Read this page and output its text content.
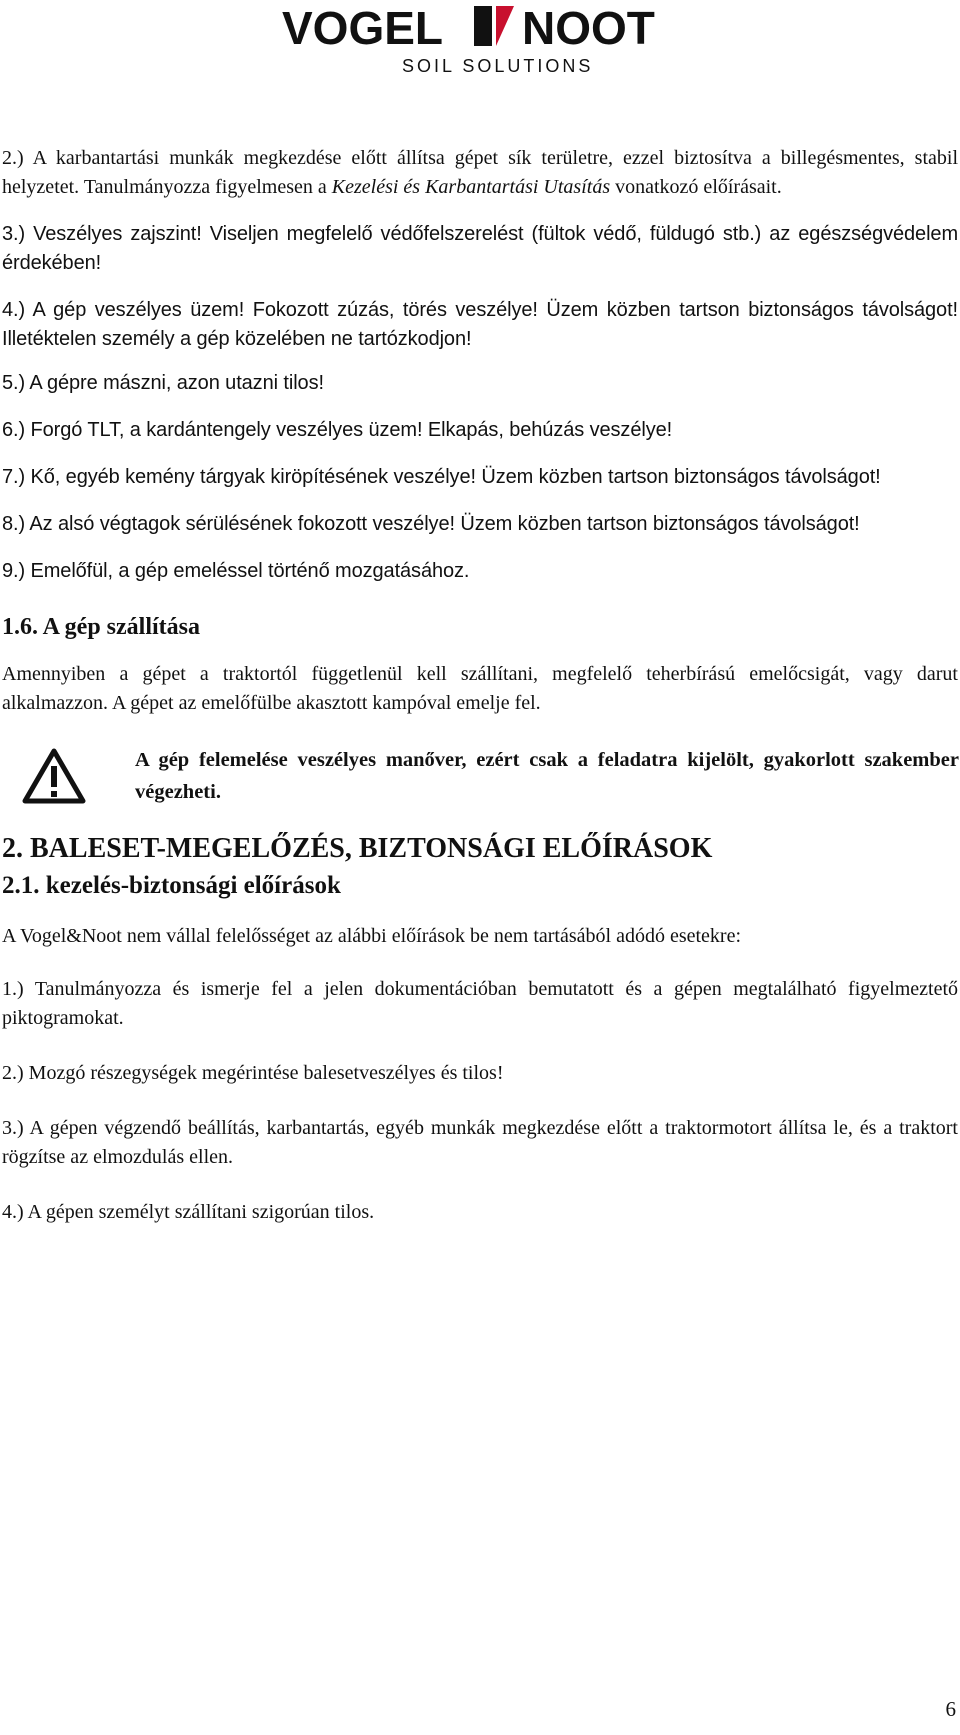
VOGEL NOOT
SOIL SOLUTIONS

2.) A karbantartási munkák megkezdése előtt állítsa gépet sík területre, ezzel biztosítva a billegésmentes, stabil helyzetet. Tanulmányozza figyelmesen a Kezelési és Karbantartási Utasítás vonatkozó előírásait.

3.) Veszélyes zajszint! Viseljen megfelelő védőfelszerelést (fültok védő, füldugó stb.) az egészségvédelem érdekében!

4.) A gép veszélyes üzem! Fokozott zúzás, törés veszélye! Üzem közben tartson biztonságos távolságot! Illetéktelen személy a gép közelében ne tartózkodjon!

5.) A gépre mászni, azon utazni tilos!

6.) Forgó TLT, a kardántengely veszélyes üzem! Elkapás, behúzás veszélye!

7.) Kő, egyéb kemény tárgyak kiröpítésének veszélye! Üzem közben tartson biztonságos távolságot!

8.) Az alsó végtagok sérülésének fokozott veszélye! Üzem közben tartson biztonságos távolságot!

9.) Emelőfül, a gép emeléssel történő mozgatásához.

1.6. A gép szállítása

Amennyiben a gépet a traktortól függetlenül kell szállítani, megfelelő teherbírású emelőcsigát, vagy darut alkalmazzon. A gépet az emelőfülbe akasztott kampóval emelje fel.

A gép felemelése veszélyes manőver, ezért csak a feladatra kijelölt, gyakorlott szakember végezheti.
2. BALESET-MEGELŐZÉS, BIZTONSÁGI ELŐÍRÁSOK
2.1. kezelés-biztonsági előírások

A Vogel&Noot nem vállal felelősséget az alábbi előírások be nem tartásából adódó esetekre:

1.) Tanulmányozza és ismerje fel a jelen dokumentációban bemutatott és a gépen megtalálható figyelmeztető piktogramokat.

2.) Mozgó részegységek megérintése balesetveszélyes és tilos!

3.) A gépen végzendő beállítás, karbantartás, egyéb munkák megkezdése előtt a traktormotort állítsa le, és a traktort rögzítse az elmozdulás ellen.

4.) A gépen személyt szállítani szigorúan tilos.

6
